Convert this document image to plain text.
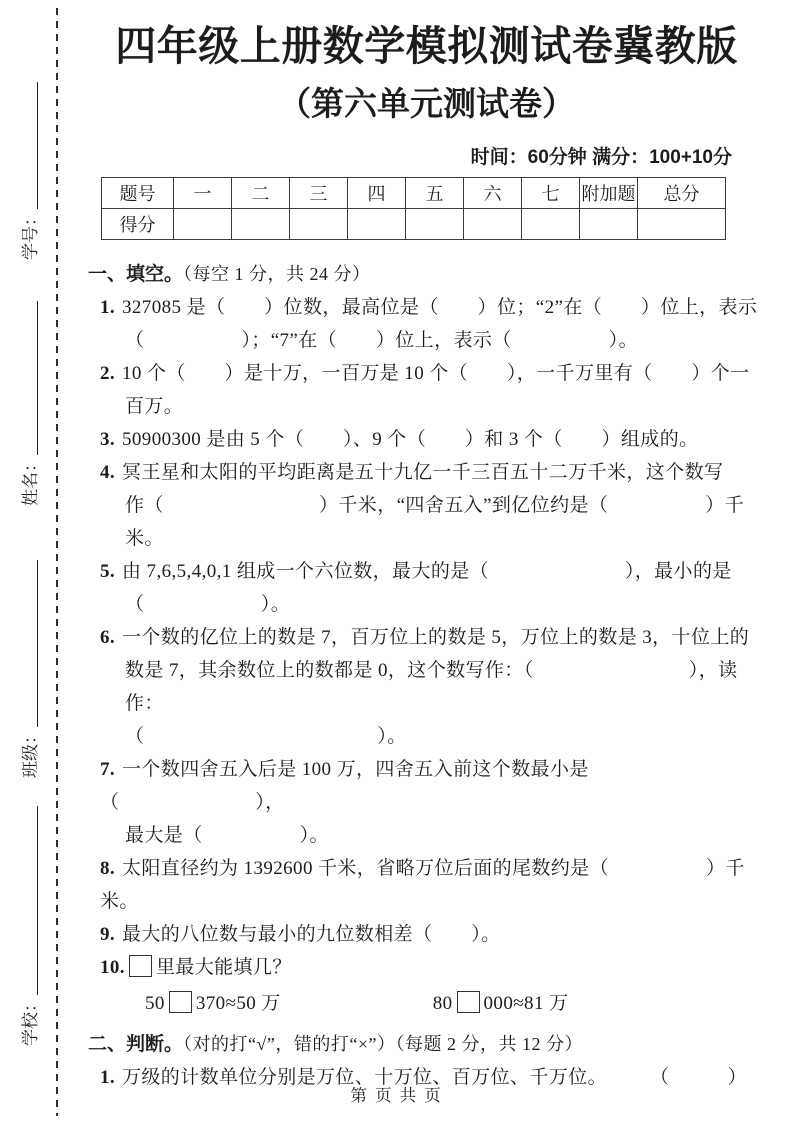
学号：
姓名：
班级：
学校：
四年级上册数学模拟测试卷冀教版
（第六单元测试卷）
时间：60分钟 满分：100+10分
题号	一	二	三	四	五	六	七	附加题	总分
得分									
一、填空。（每空 1 分，共 24 分）
1. 327085 是（　　）位数，最高位是（　　）位；“2”在（　　）位上，表示
（　　　　　）；“7”在（　　）位上，表示（　　　　　）。
2. 10 个（　　）是十万，一百万是 10 个（　　），一千万里有（　　）个一
百万。
3. 50900300 是由 5 个（　　）、9 个（　　）和 3 个（　　）组成的。
4. 冥王星和太阳的平均距离是五十九亿一千三百五十二万千米，这个数写
作（　　　　　　　　）千米，“四舍五入”到亿位约是（　　　　　）千米。
5. 由 7,6,5,4,0,1 组成一个六位数，最大的是（　　　　　　　），最小的是
（　　　　　　）。
6. 一个数的亿位上的数是 7，百万位上的数是 5，万位上的数是 3，十位上的
数是 7，其余数位上的数都是 0，这个数写作：（　　　　　　　　），读作：
（　　　　　　　　　　　　）。
7. 一个数四舍五入后是 100 万，四舍五入前这个数最小是（　　　　　　　），
最大是（　　　　　）。
8. 太阳直径约为 1392600 千米，省略万位后面的尾数约是（　　　　　）千米。
9. 最大的八位数与最小的九位数相差（　　）。
10. 里最大能填几？
50 370≈50 万	80 000≈81 万
二、判断。（对的打“√”，错的打“×”）（每题 2 分，共 12 分）
1. 万级的计数单位分别是万位、十万位、百万位、千万位。 （　　　）
第 页 共 页
